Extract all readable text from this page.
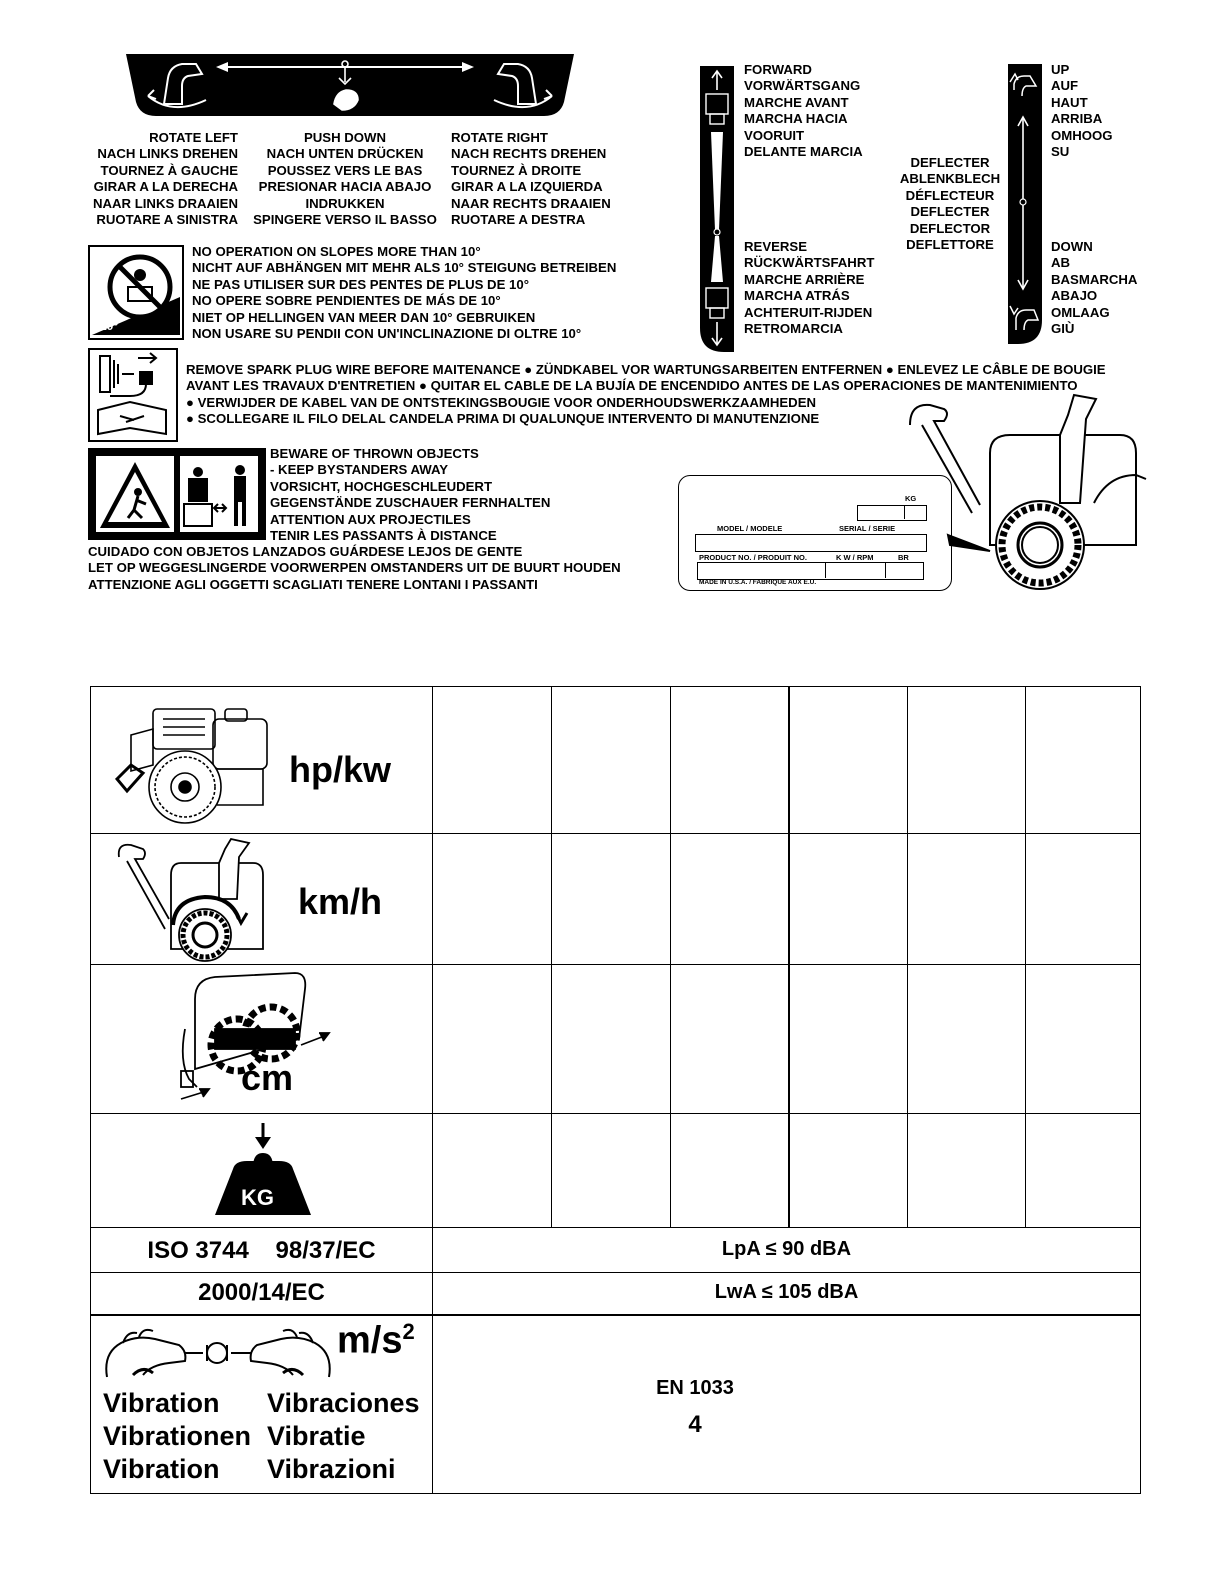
ROTATE LEFT
NACH LINKS DREHEN
TOURNEZ À GAUCHE
GIRAR A LA DERECHA
NAAR LINKS DRAAIEN
RUOTARE A SINISTRA
PUSH DOWN
NACH UNTEN DRÜCKEN
POUSSEZ VERS LE BAS
PRESIONAR HACIA ABAJO
INDRUKKEN
SPINGERE VERSO IL BASSO
ROTATE RIGHT
NACH RECHTS DREHEN
TOURNEZ À DROITE
GIRAR A LA IZQUIERDA
NAAR RECHTS DRAAIEN
RUOTARE A DESTRA
FORWARD
VORWÄRTSGANG
MARCHE AVANT
MARCHA HACIA
VOORUIT
DELANTE MARCIA
REVERSE
RÜCKWÄRTSFAHRT
MARCHE ARRIÈRE
MARCHA ATRÁS
ACHTERUIT-RIJDEN
RETROMARCIA
DEFLECTER
ABLENKBLECH
DÉFLECTEUR
DEFLECTER
DEFLECTOR
DEFLETTORE
UP
AUF
HAUT
ARRIBA
OMHOOG
SU
DOWN
AB
BASMARCHA
ABAJO
OMLAAG
GIÙ
>10°
NO OPERATION ON SLOPES MORE THAN 10°
NICHT AUF ABHÄNGEN MIT MEHR ALS 10° STEIGUNG BETREIBEN
NE PAS UTILISER SUR DES PENTES DE PLUS DE 10°
NO OPERE SOBRE PENDIENTES DE MÁS DE 10°
NIET OP HELLINGEN VAN MEER DAN 10° GEBRUIKEN
NON USARE SU PENDII CON UN'INCLINAZIONE DI OLTRE 10°
REMOVE SPARK PLUG WIRE BEFORE MAITENANCE ● ZÜNDKABEL VOR WARTUNGSARBEITEN ENTFERNEN ● ENLEVEZ LE CÂBLE DE BOUGIE
AVANT LES TRAVAUX D'ENTRETIEN ● QUITAR EL CABLE DE LA BUJÍA DE ENCENDIDO ANTES DE LAS OPERACIONES DE MANTENIMIENTO
● VERWIJDER DE KABEL VAN DE ONTSTEKINGSBOUGIE VOOR ONDERHOUDSWERKZAAMHEDEN
● SCOLLEGARE IL FILO DELAL CANDELA PRIMA DI QUALUNQUE INTERVENTO DI MANUTENZIONE
BEWARE OF THROWN OBJECTS
- KEEP BYSTANDERS AWAY
VORSICHT, HOCHGESCHLEUDERT
GEGENSTÄNDE ZUSCHAUER FERNHALTEN
ATTENTION AUX PROJECTILES
TENIR LES PASSANTS À DISTANCE
CUIDADO CON OBJETOS LANZADOS GUÁRDESE LEJOS DE GENTE
LET OP WEGGESLINGERDE VOORWERPEN OMSTANDERS UIT DE BUURT HOUDEN
ATTENZIONE AGLI OGGETTI SCAGLIATI TENERE LONTANI I PASSANTI
KG
MODEL / MODELE	SERIAL / SERIE
PRODUCT NO. / PRODUIT NO.	K W / RPM	BR
MADE IN U.S.A. / FABRIQUE AUX E.U.
hp/kw
km/h
cm
KG
ISO 3744    98/37/EC	LpA ≤ 90 dBA
2000/14/EC	LwA ≤ 105 dBA
$m/s^2$
Vibration
Vibrationen
Vibration
Vibraciones
Vibratie
Vibrazioni
EN 1033
4
